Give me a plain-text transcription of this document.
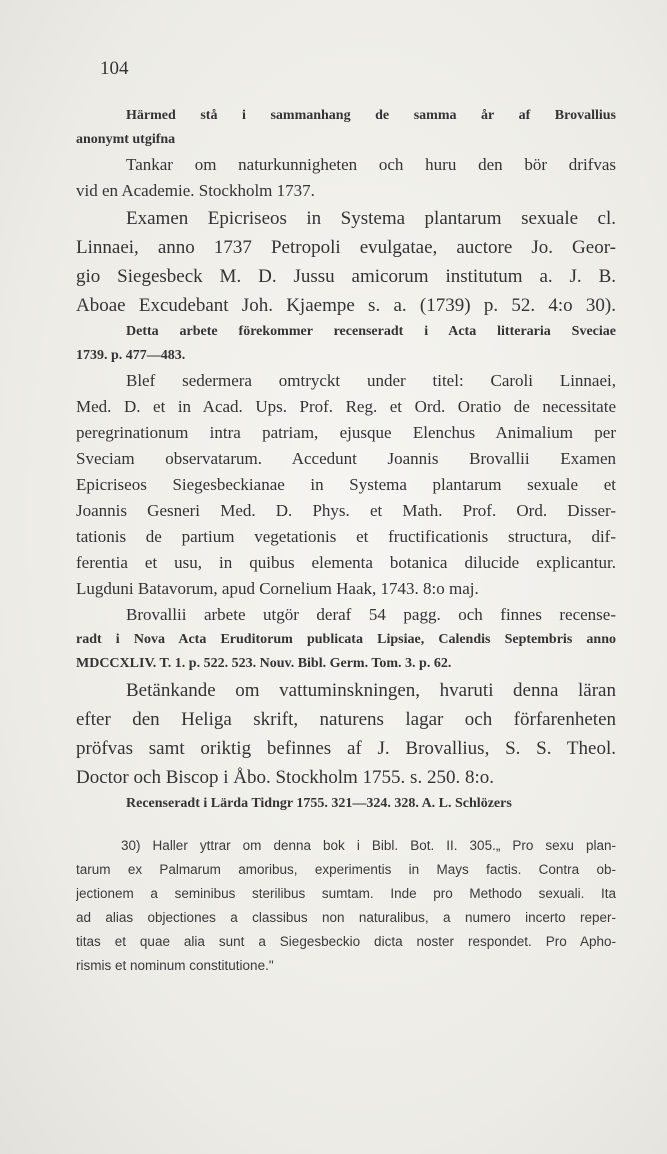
104
Härmed stå i sammanhang de samma år af Brovallius
anonymt utgifna
Tankar om naturkunnigheten och huru den bör drifvas
vid en Academie. Stockholm 1737.
Examen Epicriseos in Systema plantarum sexuale cl.
Linnaei, anno 1737 Petropoli evulgatae, auctore Jo. Geor-
gio Siegesbeck M. D. Jussu amicorum institutum a. J. B.
Aboae Excudebant Joh. Kjaempe s. a. (1739) p. 52. 4:o 30).
Detta arbete förekommer recenseradt i Acta litteraria Sveciae
1739. p. 477—483.
Blef sedermera omtryckt under titel: Caroli Linnaei,
Med. D. et in Acad. Ups. Prof. Reg. et Ord. Oratio de necessitate
peregrinationum intra patriam, ejusque Elenchus Animalium per
Sveciam observatarum. Accedunt Joannis Brovallii Examen
Epicriseos Siegesbeckianae in Systema plantarum sexuale et
Joannis Gesneri Med. D. Phys. et Math. Prof. Ord. Disser-
tationis de partium vegetationis et fructificationis structura, dif-
ferentia et usu, in quibus elementa botanica dilucide explicantur.
Lugduni Batavorum, apud Cornelium Haak, 1743. 8:o maj.
Brovallii arbete utgör deraf 54 pagg. och finnes recense-
radt i Nova Acta Eruditorum publicata Lipsiae, Calendis Septembris anno
MDCCXLIV. T. 1. p. 522. 523. Nouv. Bibl. Germ. Tom. 3. p. 62.
Betänkande om vattuminskningen, hvaruti denna läran
efter den Heliga skrift, naturens lagar och förfarenheten
pröfvas samt oriktig befinnes af J. Brovallius, S. S. Theol.
Doctor och Biscop i Åbo. Stockholm 1755. s. 250. 8:o.
Recenseradt i Lärda Tidngr 1755. 321—324. 328. A. L. Schlözers
30) Haller yttrar om denna bok i Bibl. Bot. II. 305.„ Pro sexu plan-
tarum ex Palmarum amoribus, experimentis in Mays factis. Contra ob-
jectionem a seminibus sterilibus sumtam. Inde pro Methodo sexuali. Ita
ad alias objectiones a classibus non naturalibus, a numero incerto reper-
titas et quae alia sunt a Siegesbeckio dicta noster respondet. Pro Apho-
rismis et nominum constitutione."
